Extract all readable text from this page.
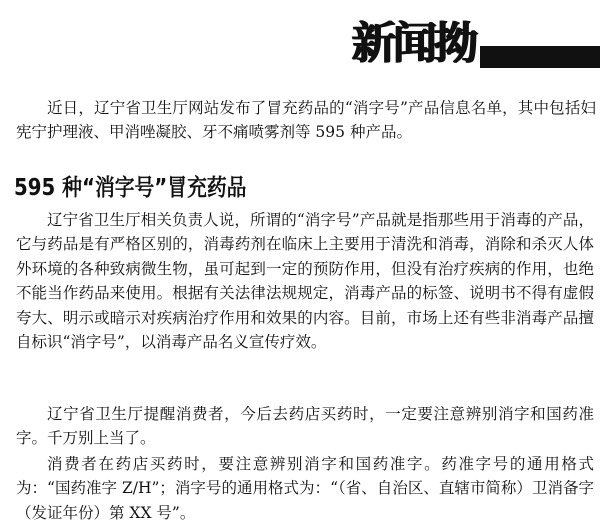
新闻拗

近日，辽宁省卫生厅网站发布了冒充药品的“消字号”产品信息名单，其中包括妇宪宁护理液、甲消唑凝胶、牙不痛喷雾剂等 595 种产品。

595 种“消字号”冒充药品

辽宁省卫生厅相关负责人说，所谓的“消字号”产品就是指那些用于消毒的产品，它与药品是有严格区别的，消毒药剂在临床上主要用于清洗和消毒，消除和杀灭人体外环境的各种致病微生物，虽可起到一定的预防作用，但没有治疗疾病的作用，也绝不能当作药品来使用。根据有关法律法规规定，消毒产品的标签、说明书不得有虚假夸大、明示或暗示对疾病治疗作用和效果的内容。目前，市场上还有些非消毒产品擅自标识“消字号”，以消毒产品名义宣传疗效。

辽宁省卫生厅提醒消费者，今后去药店买药时，一定要注意辨别消字和国药准字。千万别上当了。

消费者在药店买药时，要注意辨别消字和国药准字。药准字号的通用格式为：“国药准字 Z/H”；消字号的通用格式为：“（省、自治区、直辖市简称）卫消备字（发证年份）第 XX 号”。
